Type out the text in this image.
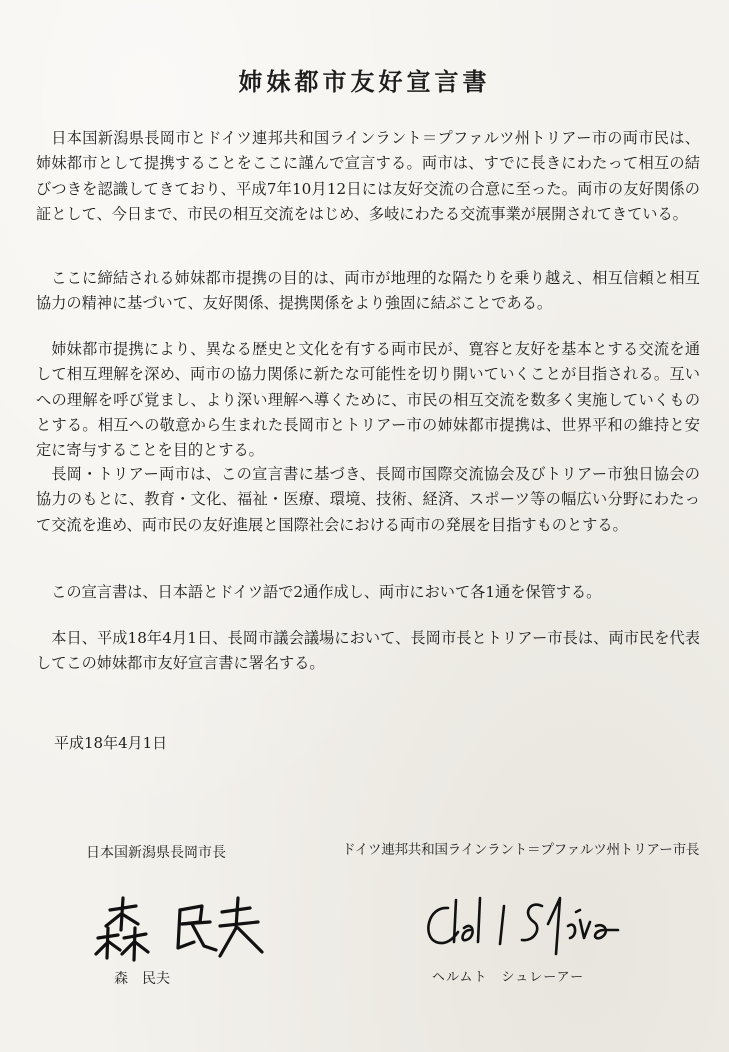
姉妹都市友好宣言書

日本国新潟県長岡市とドイツ連邦共和国ラインラント＝プファルツ州トリアー市の両市民は、姉妹都市として提携することをここに謹んで宣言する。両市は、すでに長きにわたって相互の結びつきを認識してきており、平成7年10月12日には友好交流の合意に至った。両市の友好関係の証として、今日まで、市民の相互交流をはじめ、多岐にわたる交流事業が展開されてきている。

ここに締結される姉妹都市提携の目的は、両市が地理的な隔たりを乗り越え、相互信頼と相互協力の精神に基づいて、友好関係、提携関係をより強固に結ぶことである。

姉妹都市提携により、異なる歴史と文化を有する両市民が、寛容と友好を基本とする交流を通して相互理解を深め、両市の協力関係に新たな可能性を切り開いていくことが目指される。互いへの理解を呼び覚まし、より深い理解へ導くために、市民の相互交流を数多く実施していくものとする。相互への敬意から生まれた長岡市とトリアー市の姉妹都市提携は、世界平和の維持と安定に寄与することを目的とする。

長岡・トリアー両市は、この宣言書に基づき、長岡市国際交流協会及びトリアー市独日協会の協力のもとに、教育・文化、福祉・医療、環境、技術、経済、スポーツ等の幅広い分野にわたって交流を進め、両市民の友好進展と国際社会における両市の発展を目指すものとする。

この宣言書は、日本語とドイツ語で2通作成し、両市において各1通を保管する。

本日、平成18年4月1日、長岡市議会議場において、長岡市長とトリアー市長は、両市民を代表してこの姉妹都市友好宣言書に署名する。

平成18年4月1日
日本国新潟県長岡市長	ドイツ連邦共和国ラインラント＝プファルツ州トリアー市長
森　民夫	ヘルムト　シュレーアー
